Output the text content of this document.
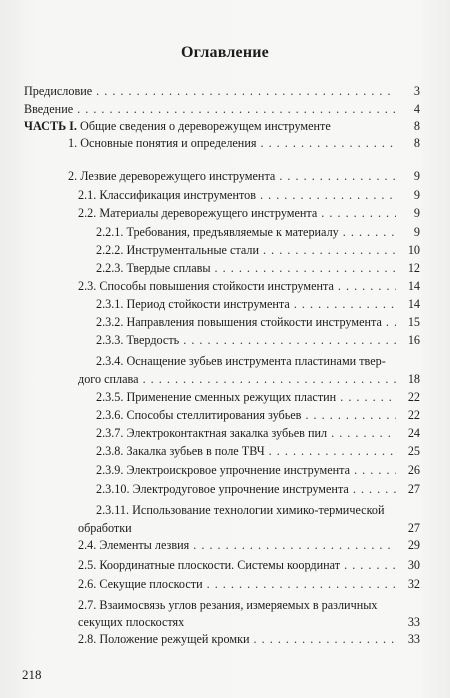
Оглавление
Предисловие . . .	3
Введение . . .	4
ЧАСТЬ I. Общие сведения о дереворежущем инструменте	8
1. Основные понятия и определения . . .	8
2. Лезвие дереворежущего инструмента . . .	9
2.1. Классификация инструментов . . .	9
2.2. Материалы дереворежущего инструмента . . .	9
2.2.1. Требования, предъявляемые к материалу . . .	9
2.2.2. Инструментальные стали . . .	10
2.2.3. Твердые сплавы . . .	12
2.3. Способы повышения стойкости инструмента . . .	14
2.3.1. Период стойкости инструмента . . .	14
2.3.2. Направления повышения стойкости инструмента . . .	15
2.3.3. Твердость . . .	16
2.3.4. Оснащение зубьев инструмента пластинами твер-
дого сплава . . .	18
2.3.5. Применение сменных режущих пластин . . .	22
2.3.6. Способы стеллитирования зубьев . . .	22
2.3.7. Электроконтактная закалка зубьев пил . . .	24
2.3.8. Закалка зубьев в поле ТВЧ . . .	25
2.3.9. Электроискровое упрочнение инструмента . . .	26
2.3.10. Электродуговое упрочнение инструмента . . .	27
2.3.11. Использование технологии химико-термической
обработки	27
2.4. Элементы лезвия . . .	29
2.5. Координатные плоскости. Системы координат . . .	30
2.6. Секущие плоскости . . .	32
2.7. Взаимосвязь углов резания, измеряемых в различных
секущих плоскостях	33
2.8. Положение режущей кромки . . .	33
218
